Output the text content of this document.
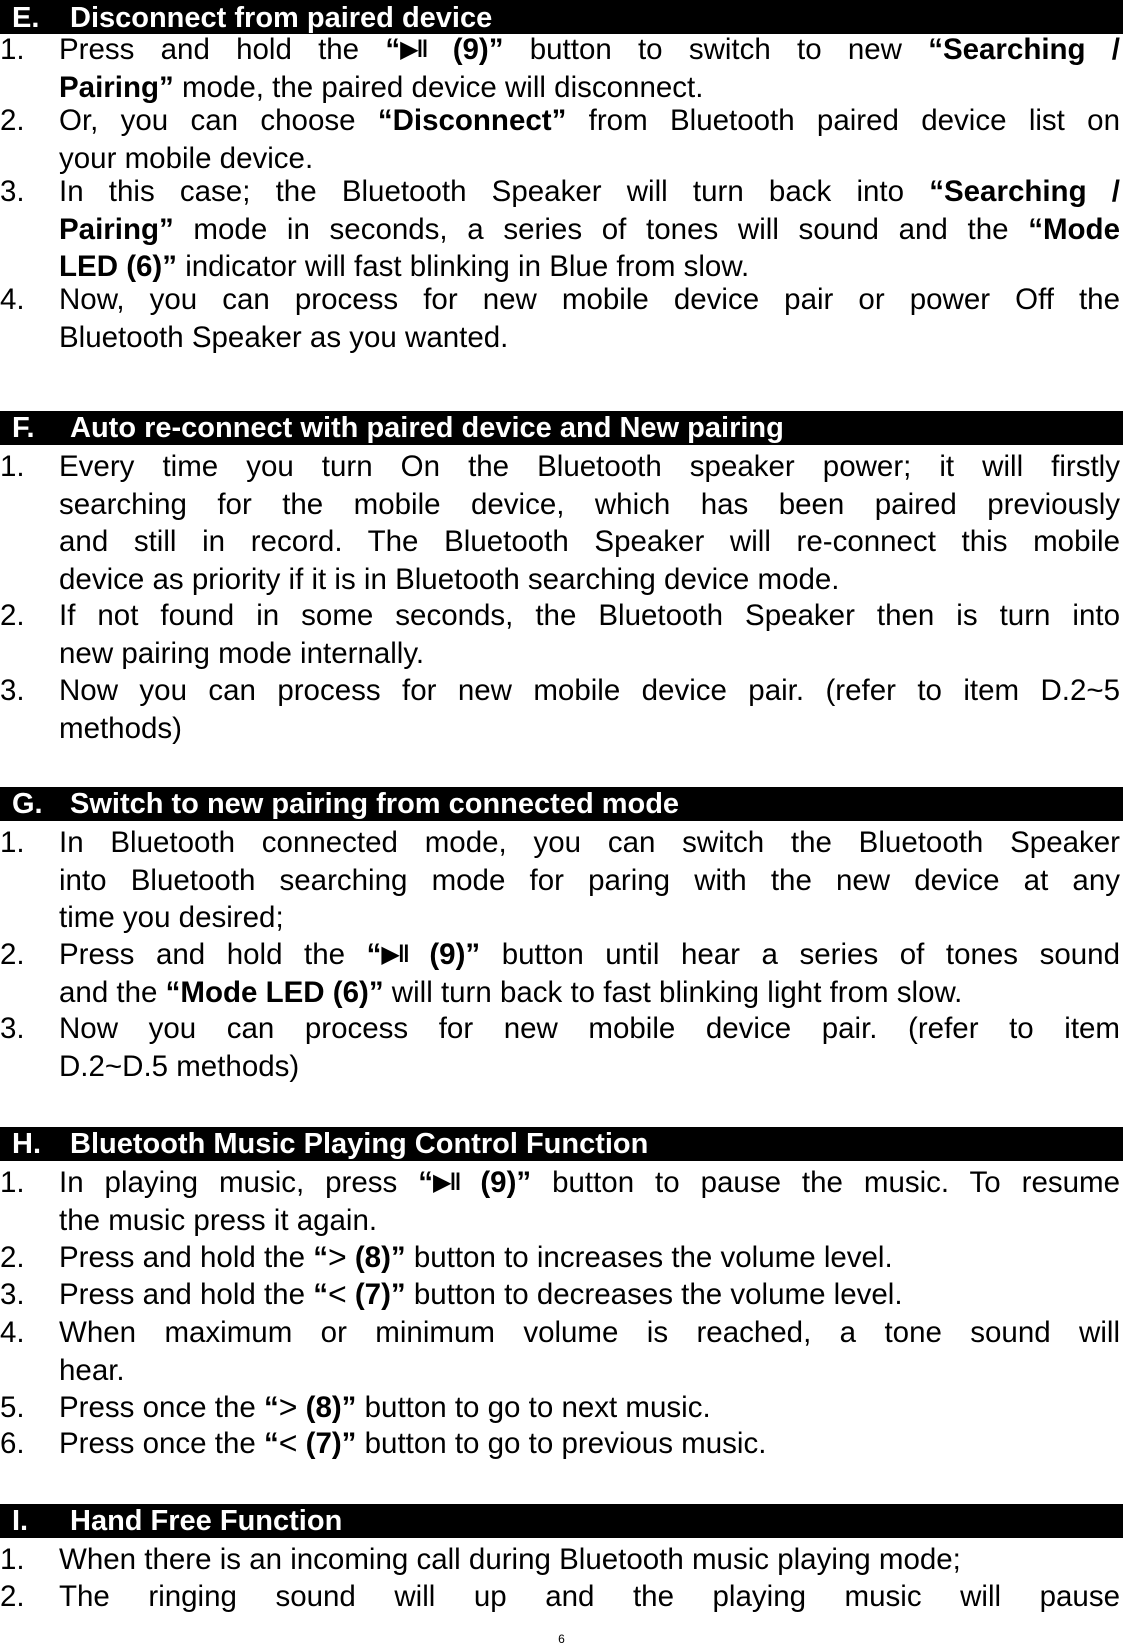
E. Disconnect from paired device
1. Press and hold the “▶‖ (9)” button to switch to new “Searching /
Pairing” mode, the paired device will disconnect.
2. Or, you can choose “Disconnect” from Bluetooth paired device list on
your mobile device.
3. In this case; the Bluetooth Speaker will turn back into “Searching /
Pairing” mode in seconds, a series of tones will sound and the “Mode
LED (6)” indicator will fast blinking in Blue from slow.
4. Now, you can process for new mobile device pair or power Off the
Bluetooth Speaker as you wanted.
F. Auto re-connect with paired device and New pairing
1. Every time you turn On the Bluetooth speaker power; it will firstly
searching for the mobile device, which has been paired previously
and still in record. The Bluetooth Speaker will re-connect this mobile
device as priority if it is in Bluetooth searching device mode.
2. If not found in some seconds, the Bluetooth Speaker then is turn into
new pairing mode internally.
3. Now you can process for new mobile device pair. (refer to item D.2~5
methods)
G. Switch to new pairing from connected mode
1. In Bluetooth connected mode, you can switch the Bluetooth Speaker
into Bluetooth searching mode for paring with the new device at any
time you desired;
2. Press and hold the “▶‖ (9)” button until hear a series of tones sound
and the “Mode LED (6)” will turn back to fast blinking light from slow.
3. Now you can process for new mobile device pair. (refer to item
D.2~D.5 methods)
H. Bluetooth Music Playing Control Function
1. In playing music, press “▶‖ (9)” button to pause the music. To resume
the music press it again.
2. Press and hold the “> (8)” button to increases the volume level.
3. Press and hold the “< (7)” button to decreases the volume level.
4. When maximum or minimum volume is reached, a tone sound will
hear.
5. Press once the “> (8)” button to go to next music.
6. Press once the “< (7)” button to go to previous music.
I. Hand Free Function
1. When there is an incoming call during Bluetooth music playing mode;
2. The ringing sound will up and the playing music will pause
6
